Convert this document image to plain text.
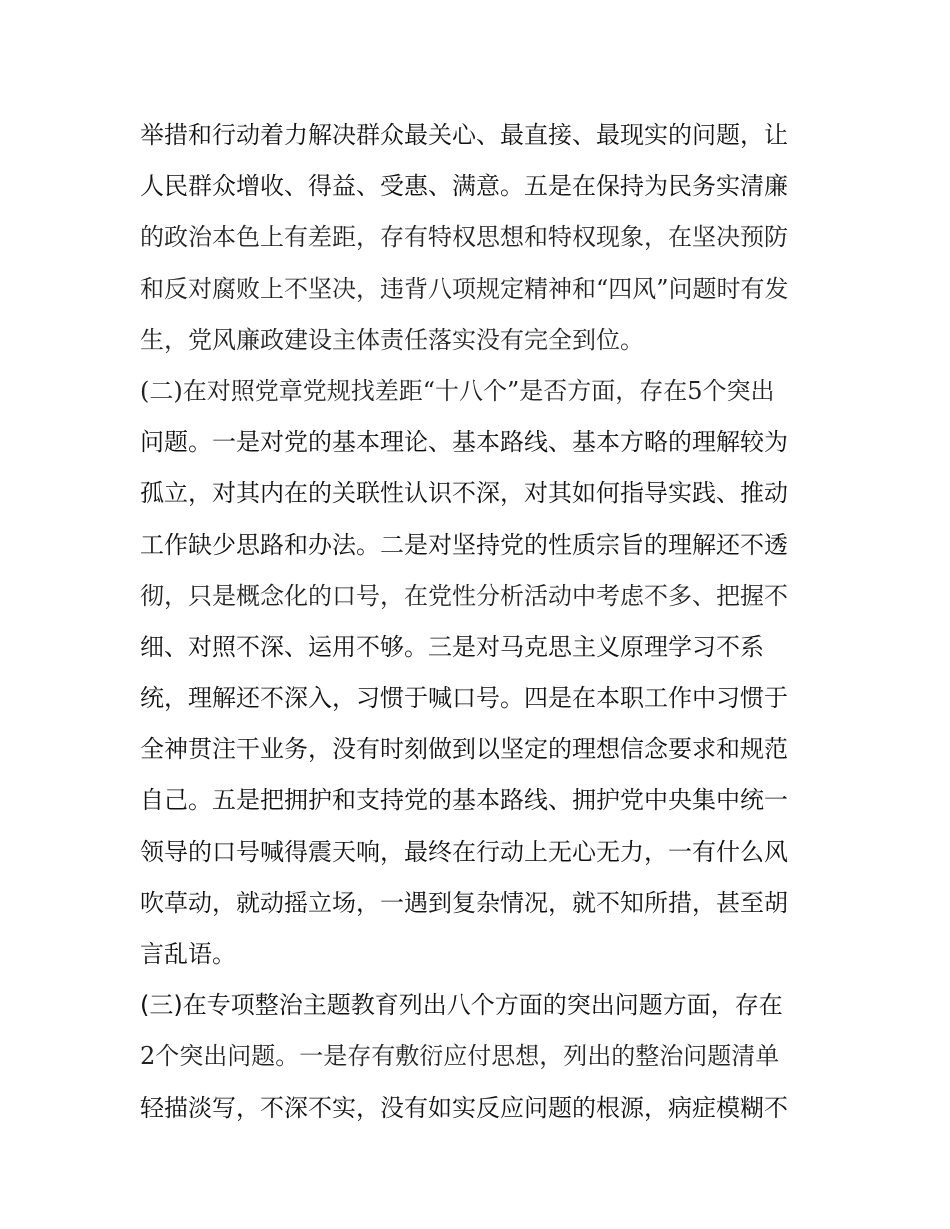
举措和行动着力解决群众最关心、最直接、最现实的问题，让
人民群众增收、得益、受惠、满意。五是在保持为民务实清廉
的政治本色上有差距，存有特权思想和特权现象，在坚决预防
和反对腐败上不坚决，违背八项规定精神和“四风”问题时有发
生，党风廉政建设主体责任落实没有完全到位。
(二)在对照党章党规找差距“十八个”是否方面，存在5个突出
问题。一是对党的基本理论、基本路线、基本方略的理解较为
孤立，对其内在的关联性认识不深，对其如何指导实践、推动
工作缺少思路和办法。二是对坚持党的性质宗旨的理解还不透
彻，只是概念化的口号，在党性分析活动中考虑不多、把握不
细、对照不深、运用不够。三是对马克思主义原理学习不系
统，理解还不深入，习惯于喊口号。四是在本职工作中习惯于
全神贯注干业务，没有时刻做到以坚定的理想信念要求和规范
自己。五是把拥护和支持党的基本路线、拥护党中央集中统一
领导的口号喊得震天响，最终在行动上无心无力，一有什么风
吹草动，就动摇立场，一遇到复杂情况，就不知所措，甚至胡
言乱语。
(三)在专项整治主题教育列出八个方面的突出问题方面，存在
2个突出问题。一是存有敷衍应付思想，列出的整治问题清单
轻描淡写，不深不实，没有如实反应问题的根源，病症模糊不
